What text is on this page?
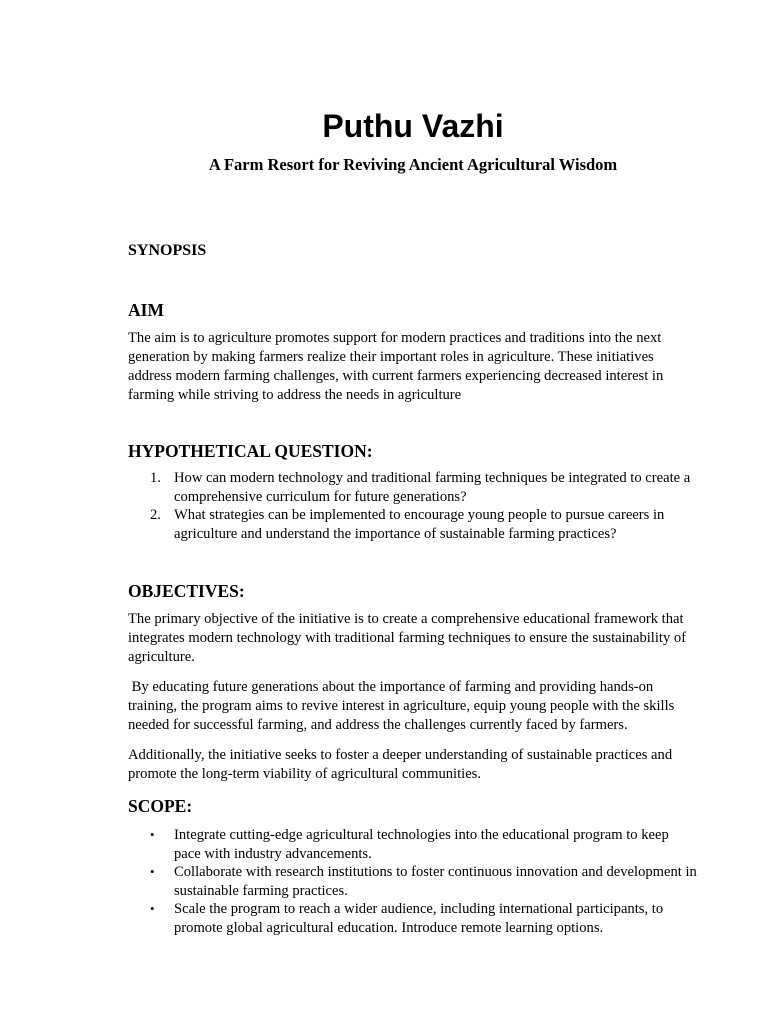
Puthu Vazhi

A Farm Resort for Reviving Ancient Agricultural Wisdom

SYNOPSIS
AIM

The aim is to agriculture promotes support for modern practices and traditions into the next generation by making farmers realize their important roles in agriculture. These initiatives address modern farming challenges, with current farmers experiencing decreased interest in farming while striving to address the needs in agriculture

HYPOTHETICAL QUESTION:
1. How can modern technology and traditional farming techniques be integrated to create a comprehensive curriculum for future generations?
2. What strategies can be implemented to encourage young people to pursue careers in agriculture and understand the importance of sustainable farming practices?
OBJECTIVES:

The primary objective of the initiative is to create a comprehensive educational framework that integrates modern technology with traditional farming techniques to ensure the sustainability of agriculture.

By educating future generations about the importance of farming and providing hands-on training, the program aims to revive interest in agriculture, equip young people with the skills needed for successful farming, and address the challenges currently faced by farmers.

Additionally, the initiative seeks to foster a deeper understanding of sustainable practices and promote the long-term viability of agricultural communities.

SCOPE:
• Integrate cutting-edge agricultural technologies into the educational program to keep pace with industry advancements.
• Collaborate with research institutions to foster continuous innovation and development in sustainable farming practices.
• Scale the program to reach a wider audience, including international participants, to promote global agricultural education. Introduce remote learning options.
